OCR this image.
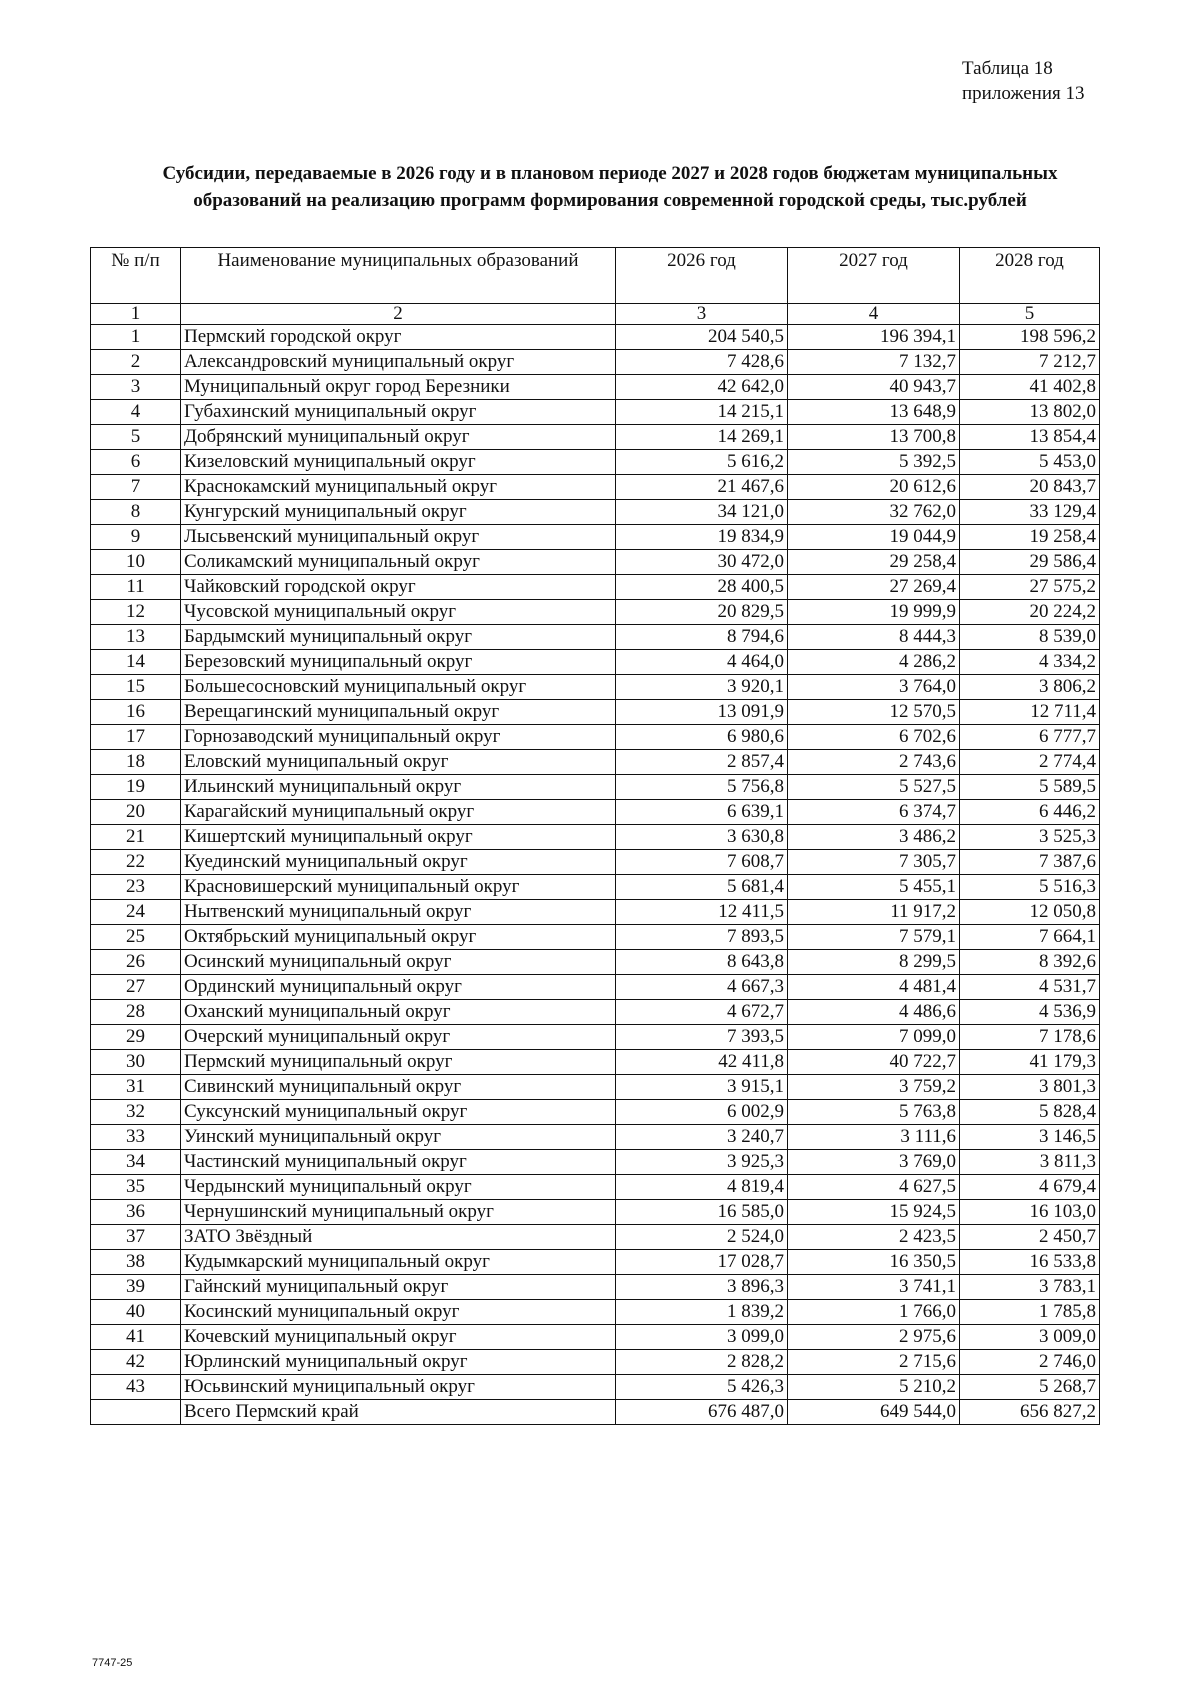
Таблица 18
приложения 13
Субсидии, передаваемые в 2026 году и в плановом периоде 2027 и 2028 годов бюджетам муниципальных
образований на реализацию программ формирования современной городской среды, тыс.рублей
№ п/п	Наименование муниципальных образований	2026 год	2027 год	2028 год
1	2	3	4	5
1	Пермский городской округ	204 540,5	196 394,1	198 596,2
2	Александровский муниципальный округ	7 428,6	7 132,7	7 212,7
3	Муниципальный округ город Березники	42 642,0	40 943,7	41 402,8
4	Губахинский муниципальный округ	14 215,1	13 648,9	13 802,0
5	Добрянский муниципальный округ	14 269,1	13 700,8	13 854,4
6	Кизеловский муниципальный округ	5 616,2	5 392,5	5 453,0
7	Краснокамский муниципальный округ	21 467,6	20 612,6	20 843,7
8	Кунгурский муниципальный округ	34 121,0	32 762,0	33 129,4
9	Лысьвенский муниципальный округ	19 834,9	19 044,9	19 258,4
10	Соликамский муниципальный округ	30 472,0	29 258,4	29 586,4
11	Чайковский городской округ	28 400,5	27 269,4	27 575,2
12	Чусовской муниципальный округ	20 829,5	19 999,9	20 224,2
13	Бардымский муниципальный округ	8 794,6	8 444,3	8 539,0
14	Березовский муниципальный округ	4 464,0	4 286,2	4 334,2
15	Большесосновский муниципальный округ	3 920,1	3 764,0	3 806,2
16	Верещагинский муниципальный округ	13 091,9	12 570,5	12 711,4
17	Горнозаводский муниципальный округ	6 980,6	6 702,6	6 777,7
18	Еловский муниципальный округ	2 857,4	2 743,6	2 774,4
19	Ильинский муниципальный округ	5 756,8	5 527,5	5 589,5
20	Карагайский муниципальный округ	6 639,1	6 374,7	6 446,2
21	Кишертский муниципальный округ	3 630,8	3 486,2	3 525,3
22	Куединский муниципальный округ	7 608,7	7 305,7	7 387,6
23	Красновишерский муниципальный округ	5 681,4	5 455,1	5 516,3
24	Нытвенский муниципальный округ	12 411,5	11 917,2	12 050,8
25	Октябрьский муниципальный округ	7 893,5	7 579,1	7 664,1
26	Осинский муниципальный округ	8 643,8	8 299,5	8 392,6
27	Ординский муниципальный округ	4 667,3	4 481,4	4 531,7
28	Оханский муниципальный округ	4 672,7	4 486,6	4 536,9
29	Очерский муниципальный округ	7 393,5	7 099,0	7 178,6
30	Пермский муниципальный округ	42 411,8	40 722,7	41 179,3
31	Сивинский муниципальный округ	3 915,1	3 759,2	3 801,3
32	Суксунский муниципальный округ	6 002,9	5 763,8	5 828,4
33	Уинский муниципальный округ	3 240,7	3 111,6	3 146,5
34	Частинский муниципальный округ	3 925,3	3 769,0	3 811,3
35	Чердынский муниципальный округ	4 819,4	4 627,5	4 679,4
36	Чернушинский муниципальный округ	16 585,0	15 924,5	16 103,0
37	ЗАТО Звёздный	2 524,0	2 423,5	2 450,7
38	Кудымкарский муниципальный округ	17 028,7	16 350,5	16 533,8
39	Гайнский муниципальный округ	3 896,3	3 741,1	3 783,1
40	Косинский муниципальный округ	1 839,2	1 766,0	1 785,8
41	Кочевский муниципальный округ	3 099,0	2 975,6	3 009,0
42	Юрлинский муниципальный округ	2 828,2	2 715,6	2 746,0
43	Юсьвинский муниципальный округ	5 426,3	5 210,2	5 268,7
	Всего Пермский край	676 487,0	649 544,0	656 827,2
7747-25
